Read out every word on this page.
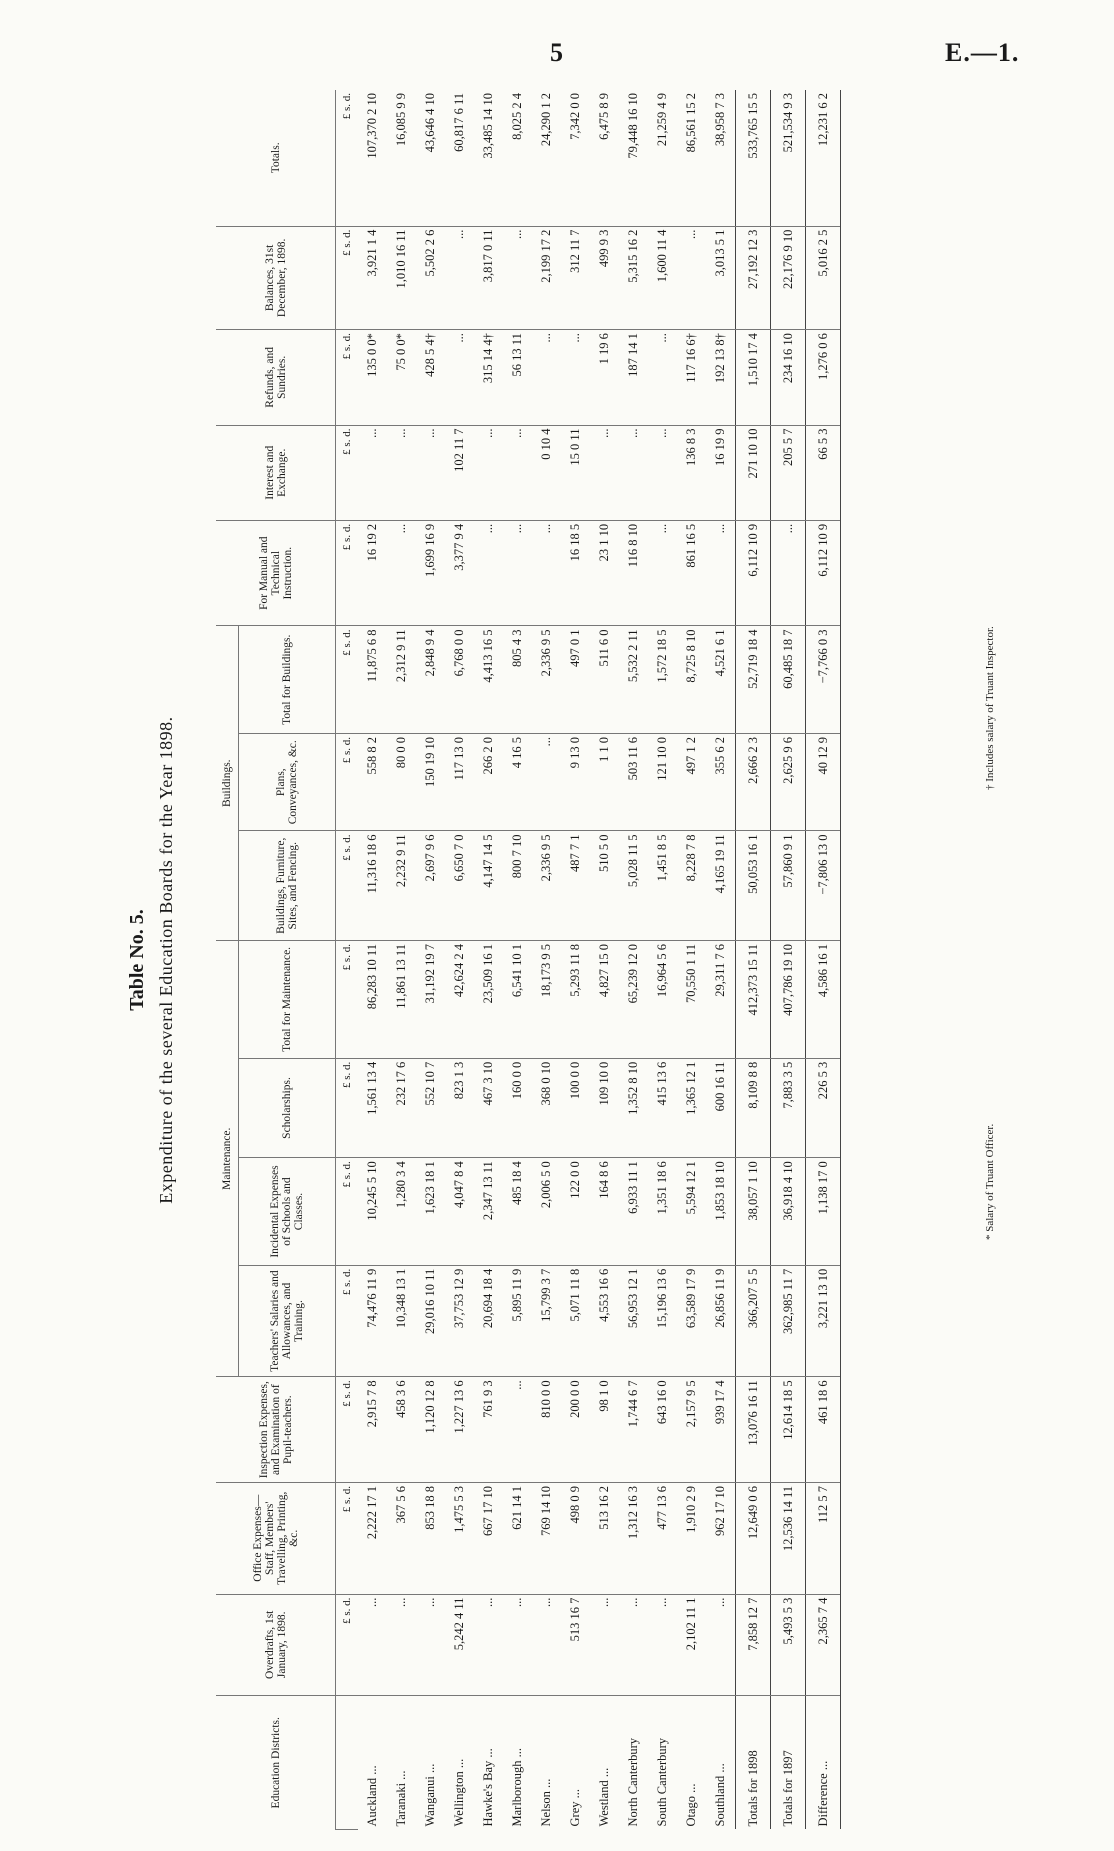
5	E.—1.
Table No. 5. Expenditure of the several Education Boards for the Year 1898.
Education Districts.	Overdrafts, 1st January, 1898.	Office Expenses—Staff, Members' Travelling, Printing, &c.	Inspection Expenses, and Examination of Pupil-teachers.	Maintenance.				Buildings.			For Manual and Technical Instruction.	Interest and Exchange.	Refunds, and Sundries.	Balances, 31st December, 1898.	Totals.
				Teachers' Salaries and Allowances, and Training.	Incidental Expenses of Schools and Classes.	Scholarships.	Total for Maintenance.	Buildings, Furniture, Sites, and Fencing.	Plans, Conveyances, &c.	Total for Buildings.					
	£ s. d.	£ s. d.	£ s. d.	£ s. d.	£ s. d.	£ s. d.	£ s. d.	£ s. d.	£ s. d.	£ s. d.	£ s. d.	£ s. d.	£ s. d.	£ s. d.	£ s. d.
Auckland ...	...	2,222 17 1	2,915 7 8	74,476 11 9	10,245 5 10	1,561 13 4	86,283 10 11	11,316 18 6	558 8 2	11,875 6 8	16 19 2	...	135 0 0*	3,921 1 4	107,370 2 10
Taranaki ...	...	367 5 6	458 3 6	10,348 13 1	1,280 3 4	232 17 6	11,861 13 11	2,232 9 11	80 0 0	2,312 9 11	...	...	75 0 0*	1,010 16 11	16,085 9 9
Wanganui ...	...	853 18 8	1,120 12 8	29,016 10 11	1,623 18 1	552 10 7	31,192 19 7	2,697 9 6	150 19 10	2,848 9 4	1,699 16 9	...	428 5 4†	5,502 2 6	43,646 4 10
Wellington ...	5,242 4 11	1,475 5 3	1,227 13 6	37,753 12 9	4,047 8 4	823 1 3	42,624 2 4	6,650 7 0	117 13 0	6,768 0 0	3,377 9 4	102 11 7	...	...	60,817 6 11
Hawke's Bay ...	...	667 17 10	761 9 3	20,694 18 4	2,347 13 11	467 3 10	23,509 16 1	4,147 14 5	266 2 0	4,413 16 5	...	...	315 14 4†	3,817 0 11	33,485 14 10
Marlborough ...	...	621 14 1	...	5,895 11 9	485 18 4	160 0 0	6,541 10 1	800 7 10	4 16 5	805 4 3	...	...	56 13 11	...	8,025 2 4
Nelson ...	...	769 14 10	810 0 0	15,799 3 7	2,006 5 0	368 0 10	18,173 9 5	2,336 9 5	...	2,336 9 5	...	0 10 4	...	2,199 17 2	24,290 1 2
Grey ...	513 16 7	498 0 9	200 0 0	5,071 11 8	122 0 0	100 0 0	5,293 11 8	487 7 1	9 13 0	497 0 1	16 18 5	15 0 11	...	312 11 7	7,342 0 0
Westland ...	...	513 16 2	98 1 0	4,553 16 6	164 8 6	109 10 0	4,827 15 0	510 5 0	1 1 0	511 6 0	23 1 10	...	1 19 6	499 9 3	6,475 8 9
North Canterbury	...	1,312 16 3	1,744 6 7	56,953 12 1	6,933 11 1	1,352 8 10	65,239 12 0	5,028 11 5	503 11 6	5,532 2 11	116 8 10	...	187 14 1	5,315 16 2	79,448 16 10
South Canterbury	...	477 13 6	643 16 0	15,196 13 6	1,351 18 6	415 13 6	16,964 5 6	1,451 8 5	121 10 0	1,572 18 5	...	...	...	1,600 11 4	21,259 4 9
Otago ...	2,102 11 1	1,910 2 9	2,157 9 5	63,589 17 9	5,594 12 1	1,365 12 1	70,550 1 11	8,228 7 8	497 1 2	8,725 8 10	861 16 5	136 8 3	117 16 6†	...	86,561 15 2
Southland ...	...	962 17 10	939 17 4	26,856 11 9	1,853 18 10	600 16 11	29,311 7 6	4,165 19 11	355 6 2	4,521 6 1	...	16 19 9	192 13 8†	3,013 5 1	38,958 7 3
Totals for 1898	7,858 12 7	12,649 0 6	13,076 16 11	366,207 5 5	38,057 1 10	8,109 8 8	412,373 15 11	50,053 16 1	2,666 2 3	52,719 18 4	6,112 10 9	271 10 10	1,510 17 4	27,192 12 3	533,765 15 5
Totals for 1897	5,493 5 3	12,536 14 11	12,614 18 5	362,985 11 7	36,918 4 10	7,883 3 5	407,786 19 10	57,860 9 1	2,625 9 6	60,485 18 7	...	205 5 7	234 16 10	22,176 9 10	521,534 9 3
Difference ...	2,365 7 4	112 5 7	461 18 6	3,221 13 10	1,138 17 0	226 5 3	4,586 16 1	−7,806 13 0	40 12 9	−7,766 0 3	6,112 10 9	66 5 3	1,276 0 6	5,016 2 5	12,231 6 2
* Salary of Truant Officer.
† Includes salary of Truant Inspector.
